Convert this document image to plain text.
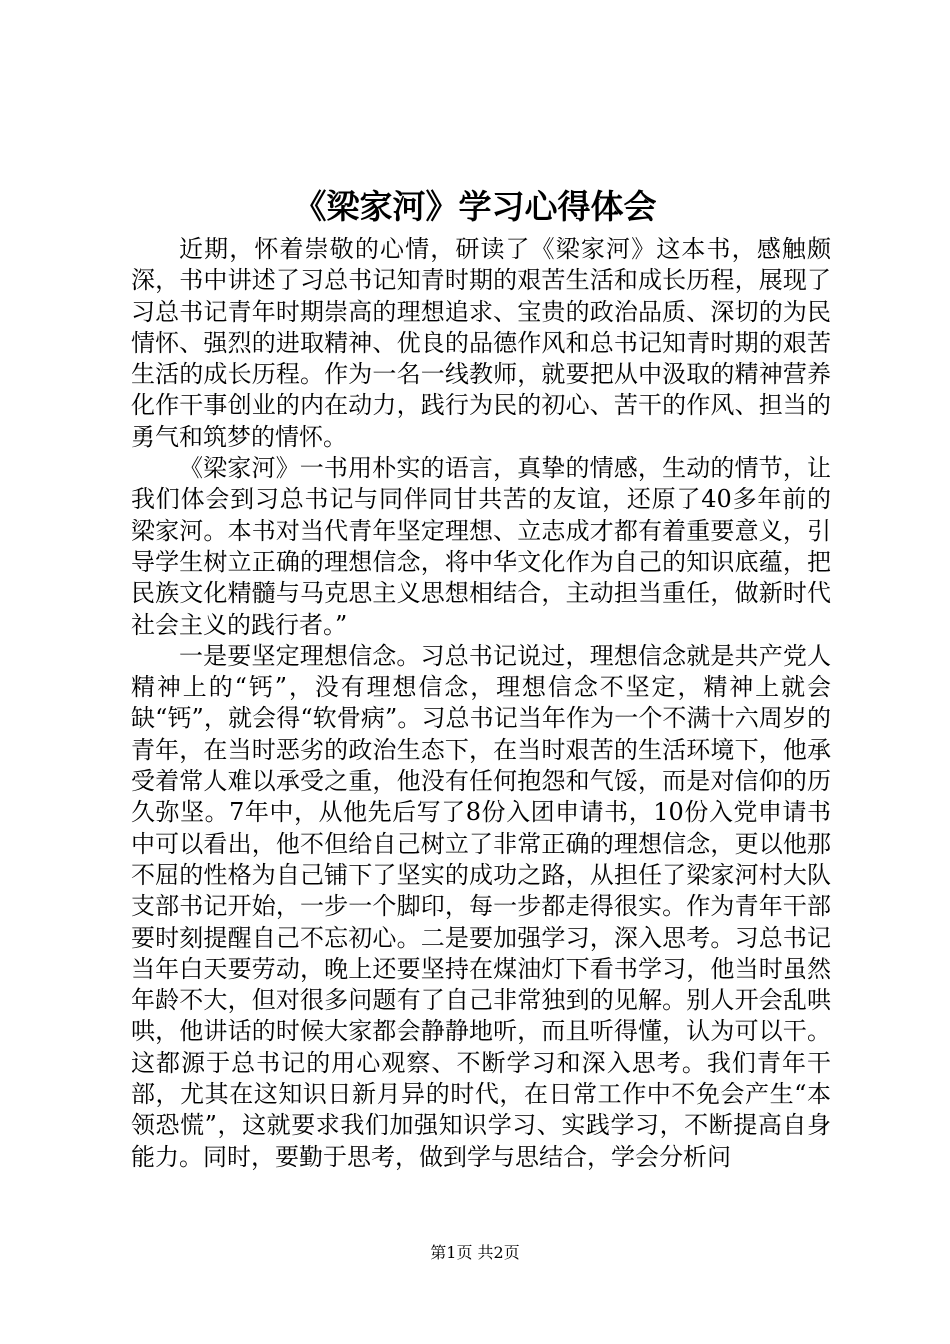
《梁家河》学习心得体会

近期，怀着崇敬的心情，研读了《梁家河》这本书，感触颇深，书中讲述了习总书记知青时期的艰苦生活和成长历程，展现了习总书记青年时期崇高的理想追求、宝贵的政治品质、深切的为民情怀、强烈的进取精神、优良的品德作风和总书记知青时期的艰苦生活的成长历程。作为一名一线教师，就要把从中汲取的精神营养化作干事创业的内在动力，践行为民的初心、苦干的作风、担当的勇气和筑梦的情怀。

《梁家河》一书用朴实的语言，真挚的情感，生动的情节，让我们体会到习总书记与同伴同甘共苦的友谊，还原了40多年前的梁家河。本书对当代青年坚定理想、立志成才都有着重要意义，引导学生树立正确的理想信念，将中华文化作为自己的知识底蕴，把民族文化精髓与马克思主义思想相结合，主动担当重任，做新时代社会主义的践行者。”

一是要坚定理想信念。习总书记说过，理想信念就是共产党人精神上的“钙”，没有理想信念，理想信念不坚定，精神上就会缺“钙”，就会得“软骨病”。习总书记当年作为一个不满十六周岁的青年，在当时恶劣的政治生态下，在当时艰苦的生活环境下，他承受着常人难以承受之重，他没有任何抱怨和气馁，而是对信仰的历久弥坚。7年中，从他先后写了8份入团申请书，10份入党申请书中可以看出，他不但给自己树立了非常正确的理想信念，更以他那不屈的性格为自己铺下了坚实的成功之路，从担任了梁家河村大队支部书记开始，一步一个脚印，每一步都走得很实。作为青年干部要时刻提醒自己不忘初心。二是要加强学习，深入思考。习总书记当年白天要劳动，晚上还要坚持在煤油灯下看书学习，他当时虽然年龄不大，但对很多问题有了自己非常独到的见解。别人开会乱哄哄，他讲话的时候大家都会静静地听，而且听得懂，认为可以干。这都源于总书记的用心观察、不断学习和深入思考。我们青年干部，尤其在这知识日新月异的时代，在日常工作中不免会产生“本领恐慌”，这就要求我们加强知识学习、实践学习，不断提高自身能力。同时，要勤于思考，做到学与思结合，学会分析问

第1页 共2页
